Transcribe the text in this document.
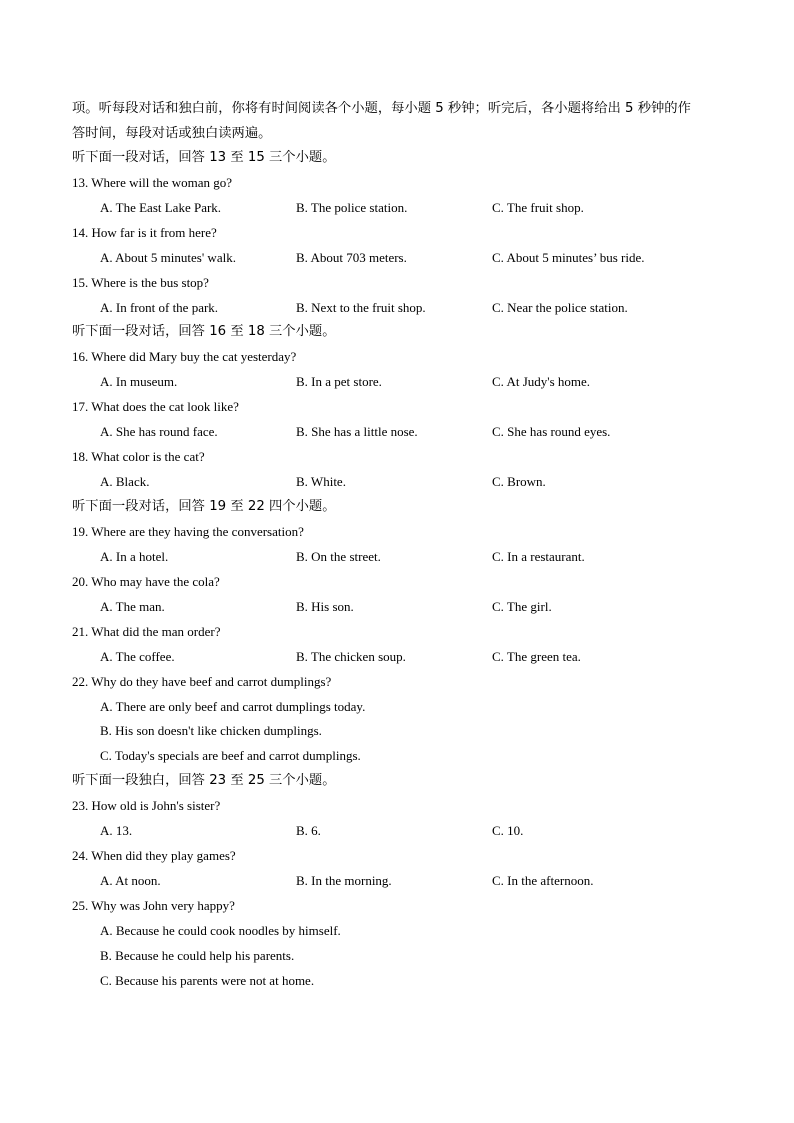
项。听每段对话和独白前，你将有时间阅读各个小题，每小题 5 秒钟；听完后，各小题将给出 5 秒钟的作
答时间，每段对话或独白读两遍。
听下面一段对话，回答 13 至 15 三个小题。
13. Where will the woman go?
A. The East Lake Park.	B. The police station.	C. The fruit shop.
14. How far is it from here?
A. About 5 minutes' walk.	B. About 703 meters.	C. About 5 minutes’ bus ride.
15. Where is the bus stop?
A. In front of the park.	B. Next to the fruit shop.	C. Near the police station.
听下面一段对话，回答 16 至 18 三个小题。
16. Where did Mary buy the cat yesterday?
A. In museum.	B. In a pet store.	C. At Judy's home.
17. What does the cat look like?
A. She has round face.	B. She has a little nose.	C. She has round eyes.
18. What color is the cat?
A. Black.	B. White.	C. Brown.
听下面一段对话，回答 19 至 22 四个小题。
19. Where are they having the conversation?
A. In a hotel.	B. On the street.	C. In a restaurant.
20. Who may have the cola?
A. The man.	B. His son.	C. The girl.
21. What did the man order?
A. The coffee.	B. The chicken soup.	C. The green tea.
22. Why do they have beef and carrot dumplings?
A. There are only beef and carrot dumplings today.
B. His son doesn't like chicken dumplings.
C. Today's specials are beef and carrot dumplings.
听下面一段独白，回答 23 至 25 三个小题。
23. How old is John's sister?
A. 13.	B. 6.	C. 10.
24. When did they play games?
A. At noon.	B. In the morning.	C. In the afternoon.
25. Why was John very happy?
A. Because he could cook noodles by himself.
B. Because he could help his parents.
C. Because his parents were not at home.
